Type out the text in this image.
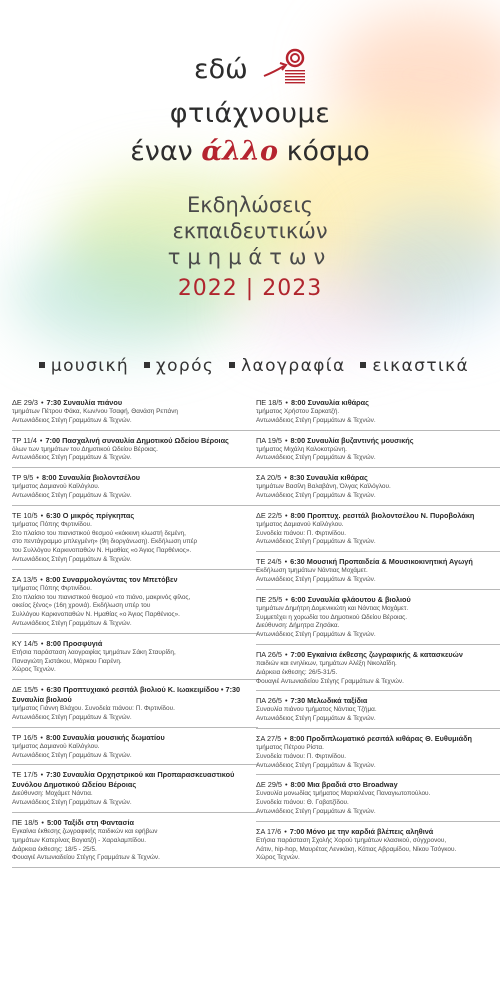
εδώ
φτιάχνουμε
έναν άλλο κόσμο
Εκδηλώσεις
εκπαιδευτικών
τμημάτων
2022 | 2023
μουσική χορός λαογραφία εικαστικά
ΔΕ 29/3 • 7:30 Συναυλία πιάνου
τμημάτων Πέτρου Φάκα, Κων/νου Τσαφή, Θανάση Ρεπάνη
Αντωνιάδειος Στέγη Γραμμάτων & Τεχνών.
ΤΡ 11/4 • 7:00 Πασχαλινή συναυλία Δημοτικού Ωδείου Βέροιας
όλων των τμημάτων του Δημοτικού Ωδείου Βέροιας.
Αντωνιάδειος Στέγη Γραμμάτων & Τεχνών.
ΤΡ 9/5 • 8:00 Συναυλία βιολοντσέλου
τμήματος Δαμιανού Καϊλόγλου.
Αντωνιάδειος Στέγη Γραμμάτων & Τεχνών.
ΤΕ 10/5 • 6:30 Ο μικρός πρίγκηπας
τμήματος Πόπης Φιρτινίδου.
Στο πλαίσιο του πιανιστικού θεσμού «κόκκινη κλωστή δεμένη,
στο πεντάγραμμο μπλεγμένη» (9η διοργάνωση). Εκδήλωση υπέρ
του Συλλόγου Καρκινοπαθών Ν. Ημαθίας «ο Άγιος Παρθένιος».
Αντωνιάδειος Στέγη Γραμμάτων & Τεχνών.
ΣΑ 13/5 • 8:00 Συναρμολογώντας τον Μπετόβεν
τμήματος Πόπης Φιρτινίδου.
Στο πλαίσιο του πιανιστικού θεσμού «το πιάνο, μακρινός φίλος,
οικείος ξένος» (16η χρονιά). Εκδήλωση υπέρ του
Συλλόγου Καρκινοπαθών Ν. Ημαθίας «ο Άγιος Παρθένιος».
Αντωνιάδειος Στέγη Γραμμάτων & Τεχνών.
ΚΥ 14/5 • 8:00 Προσφυγιά
Ετήσια παράσταση λαογραφίας τμημάτων Σάκη Σταυρίδη,
Παναγιώτη Σιστάκου, Μάρκου Γιαρένη.
Χώρος Τεχνών.
ΔΕ 15/5 • 6:30 Προπτυχιακό ρεσιτάλ βιολιού Κ. Ιωακειμίδου • 7:30 Συναυλία βιολιού
τμήματος Γιάννη Βλάχου. Συνοδεία πιάνου: Π. Φιρτινίδου.
Αντωνιάδειος Στέγη Γραμμάτων & Τεχνών.
ΤΡ 16/5 • 8:00 Συναυλία μουσικής δωματίου
τμήματος Δαμιανού Καϊλόγλου.
Αντωνιάδειος Στέγη Γραμμάτων & Τεχνών.
ΤΕ 17/5 • 7:30 Συναυλία Ορχηστρικού και Προπαρασκευαστικού Συνόλου Δημοτικού Ωδείου Βέροιας
Διεύθυνση: Μοχάμετ Νάντια.
Αντωνιάδειος Στέγη Γραμμάτων & Τεχνών.
ΠΕ 18/5 • 5:00 Ταξίδι στη Φαντασία
Εγκαίνια έκθεσης ζωγραφικής παιδικών και εφήβων
τμημάτων Κατερίνας Βογιατζή - Χαραλαμπίδου.
Διάρκεια έκθεσης: 18/5 - 25/5.
Φουαγιέ Αντωνιαδείου Στέγης Γραμμάτων & Τεχνών.
ΠΕ 18/5 • 8:00 Συναυλία κιθάρας
τμήματος Χρήστου Σαρκατζή.
Αντωνιάδειος Στέγη Γραμμάτων & Τεχνών.
ΠΑ 19/5 • 8:00 Συναυλία βυζαντινής μουσικής
τμήματος Μιχάλη Καλοκοτρώνη.
Αντωνιάδειος Στέγη Γραμμάτων & Τεχνών.
ΣΑ 20/5 • 8:30 Συναυλία κιθάρας
τμημάτων Βασίλη Βαλαβάνη, Όλγας Καϊλόγλου.
Αντωνιάδειος Στέγη Γραμμάτων & Τεχνών.
ΔΕ 22/5 • 8:00 Προπτυχ. ρεσιτάλ βιολοντσέλου Ν. Πυροβολάκη
τμήματος Δαμιανού Καϊλόγλου.
Συνοδεία πιάνου: Π. Φιρτινίδου.
Αντωνιάδειος Στέγη Γραμμάτων & Τεχνών.
ΤΕ 24/5 • 6:30 Μουσική Προπαιδεία & Μουσικοκινητική Αγωγή
Εκδήλωση τμημάτων Νάντιας Μοχάμετ.
Αντωνιάδειος Στέγη Γραμμάτων & Τεχνών.
ΠΕ 25/5 • 6:00 Συναυλία φλάουτου & βιολιού
τμημάτων Δημήτρη Δομενικιώτη και Νάντιας Μοχάμετ.
Συμμετέχει η χορωδία του Δημοτικού Ωδείου Βέροιας.
Διεύθυνση: Δήμητρα Ζησάκα.
Αντωνιάδειος Στέγη Γραμμάτων & Τεχνών.
ΠΑ 26/5 • 7:00 Εγκαίνια έκθεσης ζωγραφικής & κατασκευών
παιδιών και ενηλίκων, τμημάτων Αλέξη Νικολαΐδη.
Διάρκεια έκθεσης: 26/5-31/5.
Φουαγιέ Αντωνιαδείου Στέγης Γραμμάτων & Τεχνών.
ΠΑ 26/5 • 7:30 Μελωδικά ταξίδια
Συναυλία πιάνου τμήματος Νάντιας Τζήμα.
Αντωνιάδειος Στέγη Γραμμάτων & Τεχνών.
ΣΑ 27/5 • 8:00 Προδιπλωματικό ρεσιτάλ κιθάρας Θ. Ευθυμιάδη
τμήματος Πέτρου Ρίστα.
Συνοδεία πιάνου: Π. Φιρτινίδου.
Αντωνιάδειος Στέγη Γραμμάτων & Τεχνών.
ΔΕ 29/5 • 8:00 Μια βραδιά στο Broadway
Συναυλία μονωδίας τμήματος Μαριαλένας Παναγιωτοπούλου.
Συνοδεία πιάνου: Θ. Γοβατζίδου.
Αντωνιάδειος Στέγη Γραμμάτων & Τεχνών.
ΣΑ 17/6 • 7:00 Μόνο με την καρδιά βλέπεις αληθινά
Ετήσια παράσταση Σχολής Χορού τμημάτων κλασικού, σύγχρονου,
Λάτιν, hip-hop, Μαυρέτας Λενικάκη, Κάτιας Αβραμίδου, Νίκου Τσόγκου.
Χώρος Τεχνών.
